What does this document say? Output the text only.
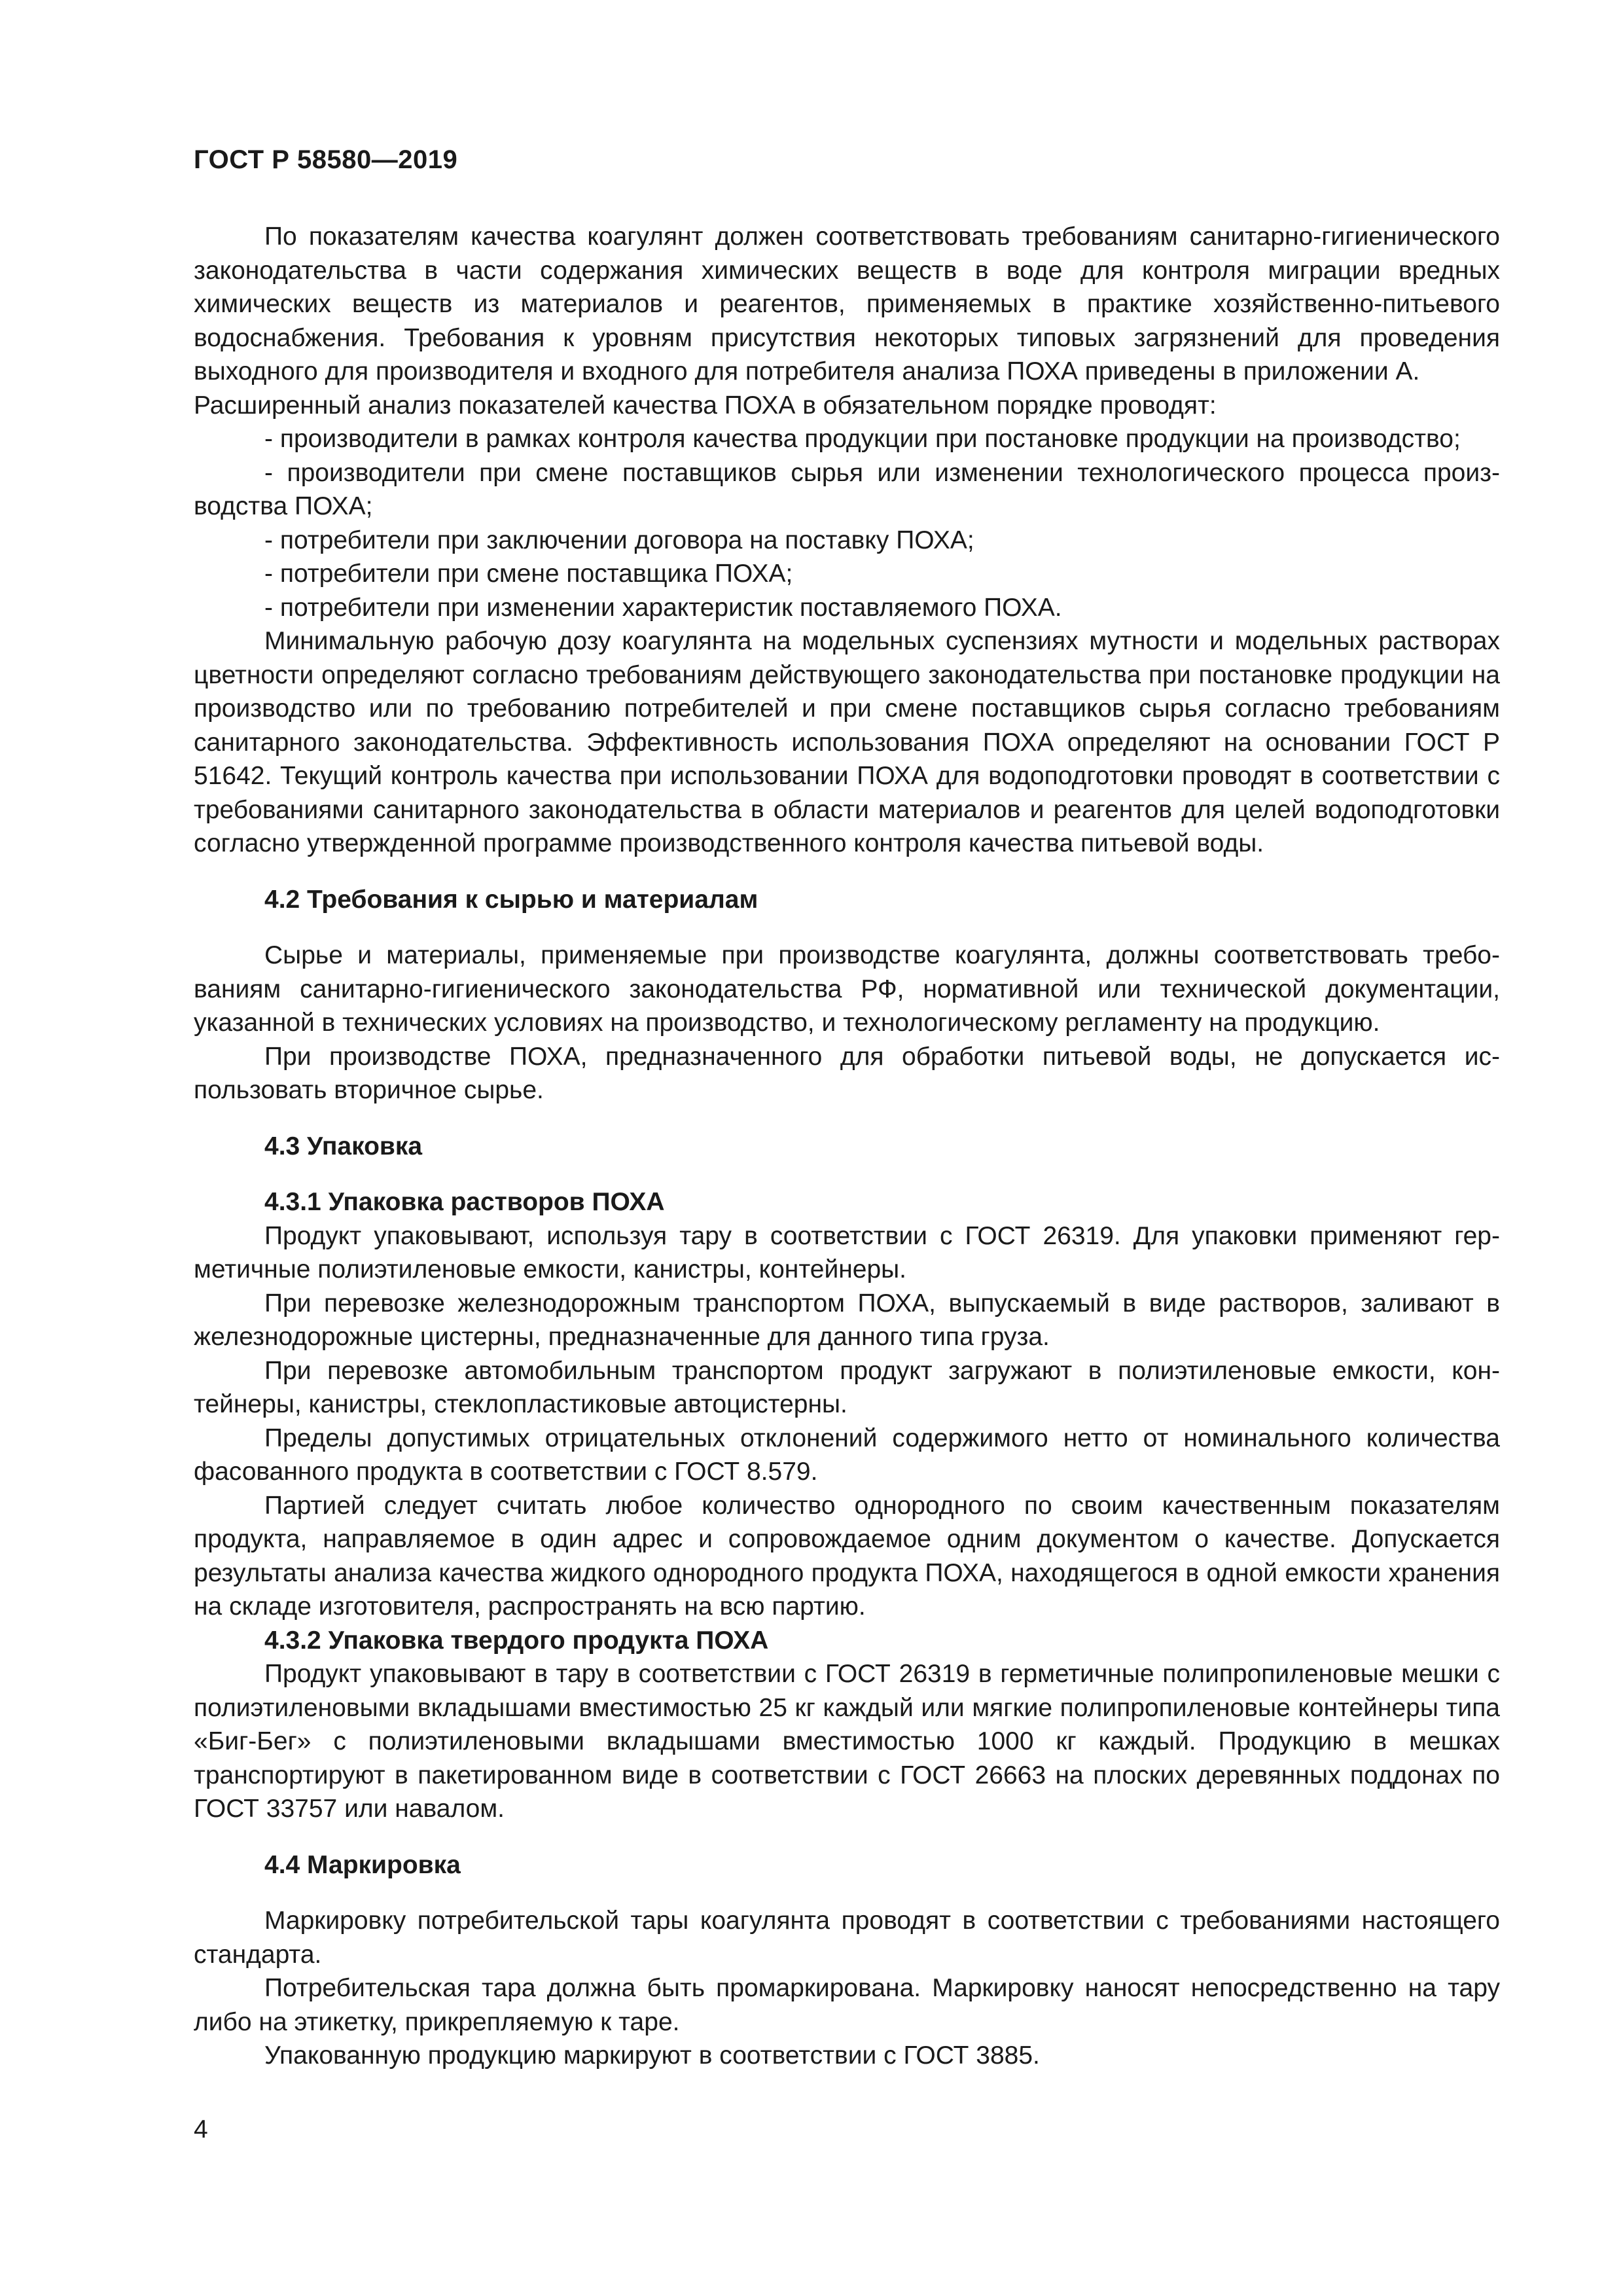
ГОСТ Р 58580—2019

По показателям качества коагулянт должен соответствовать требованиям санитарно-гигиенического законодательства в части содержания химических веществ в воде для контроля миграции вредных химических веществ из материалов и реагентов, применяемых в практике хозяйственно-питьевого водоснабжения. Требования к уровням присутствия некоторых типовых загрязнений для проведения выходного для производителя и входного для потребителя анализа ПОХА приведены в приложении А.

Расширенный анализ показателей качества ПОХА в обязательном порядке проводят:

- производители в рамках контроля качества продукции при постановке продукции на производство;

- производители при смене поставщиков сырья или изменении технологического процесса производства ПОХА;

- потребители при заключении договора на поставку ПОХА;

- потребители при смене поставщика ПОХА;

- потребители при изменении характеристик поставляемого ПОХА.

Минимальную рабочую дозу коагулянта на модельных суспензиях мутности и модельных растворах цветности определяют согласно требованиям действующего законодательства при постановке продукции на производство или по требованию потребителей и при смене поставщиков сырья согласно требованиям санитарного законодательства. Эффективность использования ПОХА определяют на основании ГОСТ Р 51642. Текущий контроль качества при использовании ПОХА для водоподготовки проводят в соответствии с требованиями санитарного законодательства в области материалов и реагентов для целей водоподготовки согласно утвержденной программе производственного контроля качества питьевой воды.

4.2 Требования к сырью и материалам

Сырье и материалы, применяемые при производстве коагулянта, должны соответствовать требованиям санитарно-гигиенического законодательства РФ, нормативной или технической документации, указанной в технических условиях на производство, и технологическому регламенту на продукцию.

При производстве ПОХА, предназначенного для обработки питьевой воды, не допускается использовать вторичное сырье.

4.3 Упаковка
4.3.1 Упаковка растворов ПОХА

Продукт упаковывают, используя тару в соответствии с ГОСТ 26319. Для упаковки применяют герметичные полиэтиленовые емкости, канистры, контейнеры.

При перевозке железнодорожным транспортом ПОХА, выпускаемый в виде растворов, заливают в железнодорожные цистерны, предназначенные для данного типа груза.

При перевозке автомобильным транспортом продукт загружают в полиэтиленовые емкости, контейнеры, канистры, стеклопластиковые автоцистерны.

Пределы допустимых отрицательных отклонений содержимого нетто от номинального количества фасованного продукта в соответствии с ГОСТ 8.579.

Партией следует считать любое количество однородного по своим качественным показателям продукта, направляемое в один адрес и сопровождаемое одним документом о качестве. Допускается результаты анализа качества жидкого однородного продукта ПОХА, находящегося в одной емкости хранения на складе изготовителя, распространять на всю партию.

4.3.2 Упаковка твердого продукта ПОХА

Продукт упаковывают в тару в соответствии с ГОСТ 26319 в герметичные полипропиленовые мешки с полиэтиленовыми вкладышами вместимостью 25 кг каждый или мягкие полипропиленовые контейнеры типа «Биг-Бег» с полиэтиленовыми вкладышами вместимостью 1000 кг каждый. Продукцию в мешках транспортируют в пакетированном виде в соответствии с ГОСТ 26663 на плоских деревянных поддонах по ГОСТ 33757 или навалом.

4.4 Маркировка

Маркировку потребительской тары коагулянта проводят в соответствии с требованиями настоящего стандарта.

Потребительская тара должна быть промаркирована. Маркировку наносят непосредственно на тару либо на этикетку, прикрепляемую к таре.

Упакованную продукцию маркируют в соответствии с ГОСТ 3885.

4
